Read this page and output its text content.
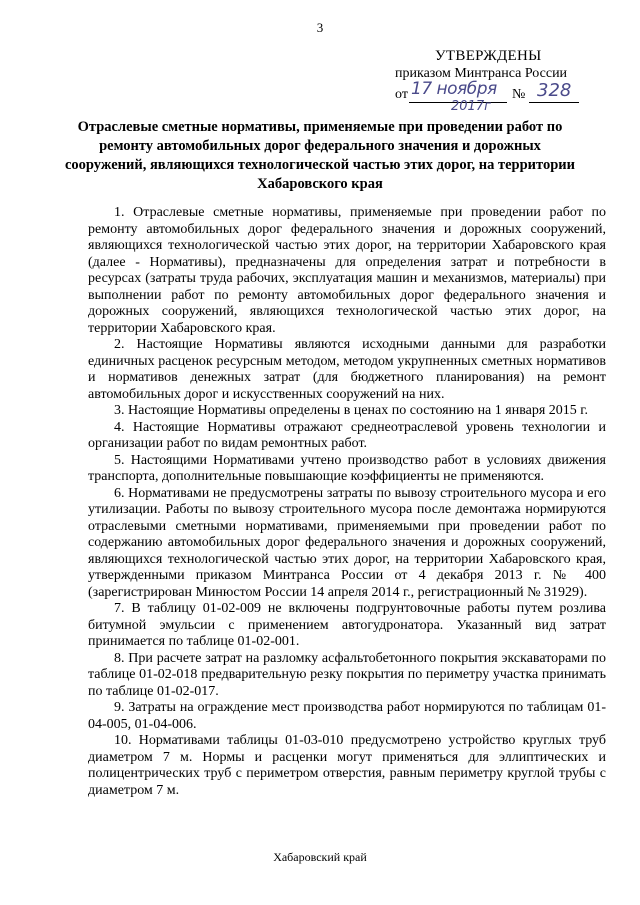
3
УТВЕРЖДЕНЫ
приказом Минтранса России
от 17 ноября
2017г
№ 328
Отраслевые сметные нормативы, применяемые при проведении работ по ремонту автомобильных дорог федерального значения и дорожных сооружений, являющихся технологической частью этих дорог, на территории Хабаровского края

1. Отраслевые сметные нормативы, применяемые при проведении работ по ремонту автомобильных дорог федерального значения и дорожных сооружений, являющихся технологической частью этих дорог, на территории Хабаровского края (далее - Нормативы), предназначены для определения затрат и потребности в ресурсах (затраты труда рабочих, эксплуатация машин и механизмов, материалы) при выполнении работ по ремонту автомобильных дорог федерального значения и дорожных сооружений, являющихся технологической частью этих дорог, на территории Хабаровского края.

2. Настоящие Нормативы являются исходными данными для разработки единичных расценок ресурсным методом, методом укрупненных сметных нормативов и нормативов денежных затрат (для бюджетного планирования) на ремонт автомобильных дорог и искусственных сооружений на них.

3. Настоящие Нормативы определены в ценах по состоянию на 1 января 2015 г.

4. Настоящие Нормативы отражают среднеотраслевой уровень технологии и организации работ по видам ремонтных работ.

5. Настоящими Нормативами учтено производство работ в условиях движения транспорта, дополнительные повышающие коэффициенты не применяются.

6. Нормативами не предусмотрены затраты по вывозу строительного мусора и его утилизации. Работы по вывозу строительного мусора после демонтажа нормируются отраслевыми сметными нормативами, применяемыми при проведении работ по содержанию автомобильных дорог федерального значения и дорожных сооружений, являющихся технологической частью этих дорог, на территории Хабаровского края, утвержденными приказом Минтранса России от 4 декабря 2013 г. № 400 (зарегистрирован Минюстом России 14 апреля 2014 г., регистрационный № 31929).

7. В таблицу 01-02-009 не включены подгрунтовочные работы путем розлива битумной эмульсии с применением автогудронатора. Указанный вид затрат принимается по таблице 01-02-001.

8. При расчете затрат на разломку асфальтобетонного покрытия экскаваторами по таблице 01-02-018 предварительную резку покрытия по периметру участка принимать по таблице 01-02-017.

9. Затраты на ограждение мест производства работ нормируются по таблицам 01-04-005, 01-04-006.

10. Нормативами таблицы 01-03-010 предусмотрено устройство круглых труб диаметром 7 м. Нормы и расценки могут применяться для эллиптических и полицентрических труб с периметром отверстия, равным периметру круглой трубы с диаметром 7 м.

Хабаровский край
